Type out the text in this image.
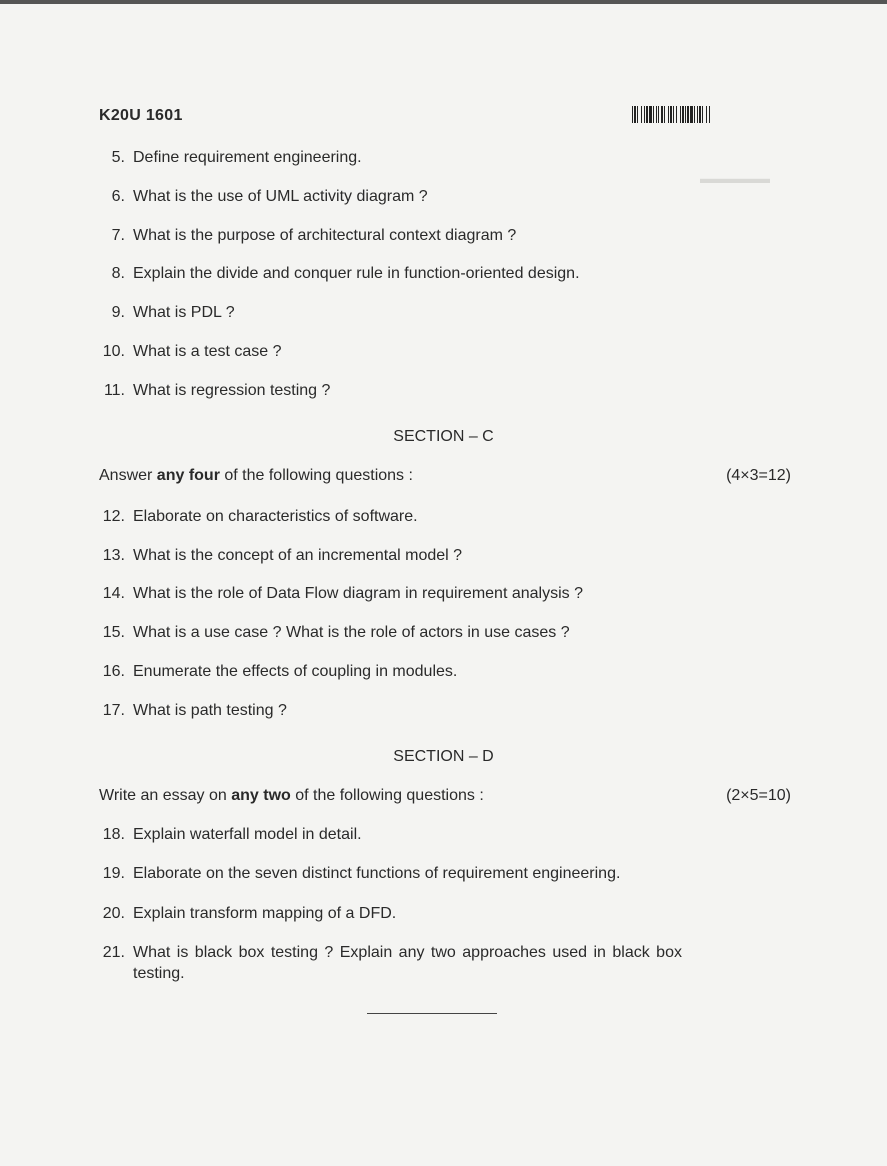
▬▬▬▬▬
K20U 1601
5. Define requirement engineering.
6. What is the use of UML activity diagram ?
7. What is the purpose of architectural context diagram ?
8. Explain the divide and conquer rule in function-oriented design.
9. What is PDL ?
10. What is a test case ?
11. What is regression testing ?
SECTION – C
Answer any four of the following questions :	(4×3=12)
12. Elaborate on characteristics of software.
13. What is the concept of an incremental model ?
14. What is the role of Data Flow diagram in requirement analysis ?
15. What is a use case ? What is the role of actors in use cases ?
16. Enumerate the effects of coupling in modules.
17. What is path testing ?
SECTION – D
Write an essay on any two of the following questions :	(2×5=10)
18. Explain waterfall model in detail.
19. Elaborate on the seven distinct functions of requirement engineering.
20. Explain transform mapping of a DFD.
21. What is black box testing ? Explain any two approaches used in black box
testing.
